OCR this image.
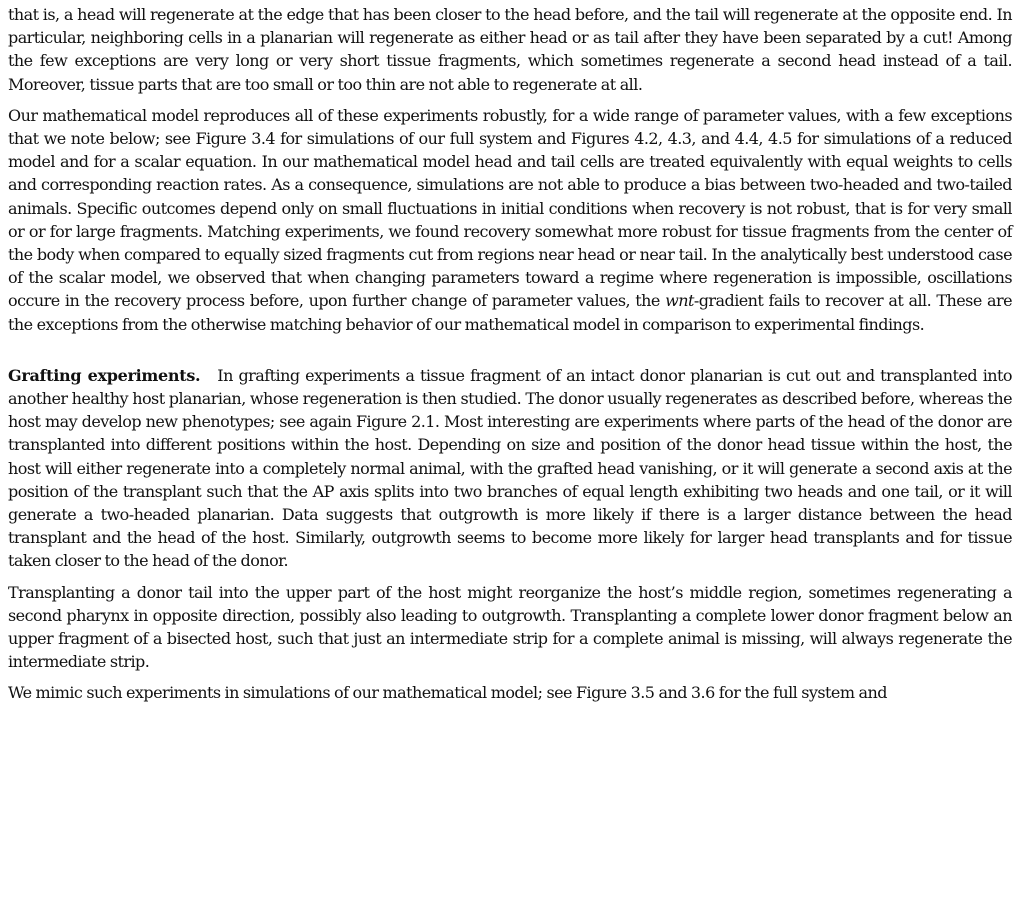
that is, a head will regenerate at the edge that has been closer to the head before, and the tail will regenerate at the opposite end. In particular, neighboring cells in a planarian will regenerate as either head or as tail after they have been separated by a cut! Among the few exceptions are very long or very short tissue fragments, which sometimes regenerate a second head instead of a tail. Moreover, tissue parts that are too small or too thin are not able to regenerate at all.

Our mathematical model reproduces all of these experiments robustly, for a wide range of parameter values, with a few exceptions that we note below; see Figure 3.4 for simulations of our full system and Figures 4.2, 4.3, and 4.4, 4.5 for simulations of a reduced model and for a scalar equation. In our mathematical model head and tail cells are treated equivalently with equal weights to cells and corresponding reaction rates. As a consequence, simulations are not able to produce a bias between two-headed and two-tailed animals. Specific outcomes depend only on small fluctuations in initial conditions when recovery is not robust, that is for very small or or for large fragments. Matching experiments, we found recovery somewhat more robust for tissue fragments from the center of the body when compared to equally sized fragments cut from regions near head or near tail. In the analytically best understood case of the scalar model, we observed that when changing parameters toward a regime where regeneration is impossible, oscillations occure in the recovery process before, upon further change of parameter values, the wnt-gradient fails to recover at all. These are the exceptions from the otherwise matching behavior of our mathematical model in comparison to experimental findings.

Grafting experiments. In grafting experiments a tissue fragment of an intact donor planarian is cut out and transplanted into another healthy host planarian, whose regeneration is then studied. The donor usually regenerates as described before, whereas the host may develop new phenotypes; see again Figure 2.1. Most interesting are experiments where parts of the head of the donor are transplanted into different positions within the host. Depending on size and position of the donor head tissue within the host, the host will either regenerate into a completely normal animal, with the grafted head vanishing, or it will generate a second axis at the position of the transplant such that the AP axis splits into two branches of equal length exhibiting two heads and one tail, or it will generate a two-headed planarian. Data suggests that outgrowth is more likely if there is a larger distance between the head transplant and the head of the host. Similarly, outgrowth seems to become more likely for larger head transplants and for tissue taken closer to the head of the donor.

Transplanting a donor tail into the upper part of the host might reorganize the host’s middle region, sometimes regenerating a second pharynx in opposite direction, possibly also leading to outgrowth. Transplanting a complete lower donor fragment below an upper fragment of a bisected host, such that just an intermediate strip for a complete animal is missing, will always regenerate the intermediate strip.

We mimic such experiments in simulations of our mathematical model; see Figure 3.5 and 3.6 for the full system and
